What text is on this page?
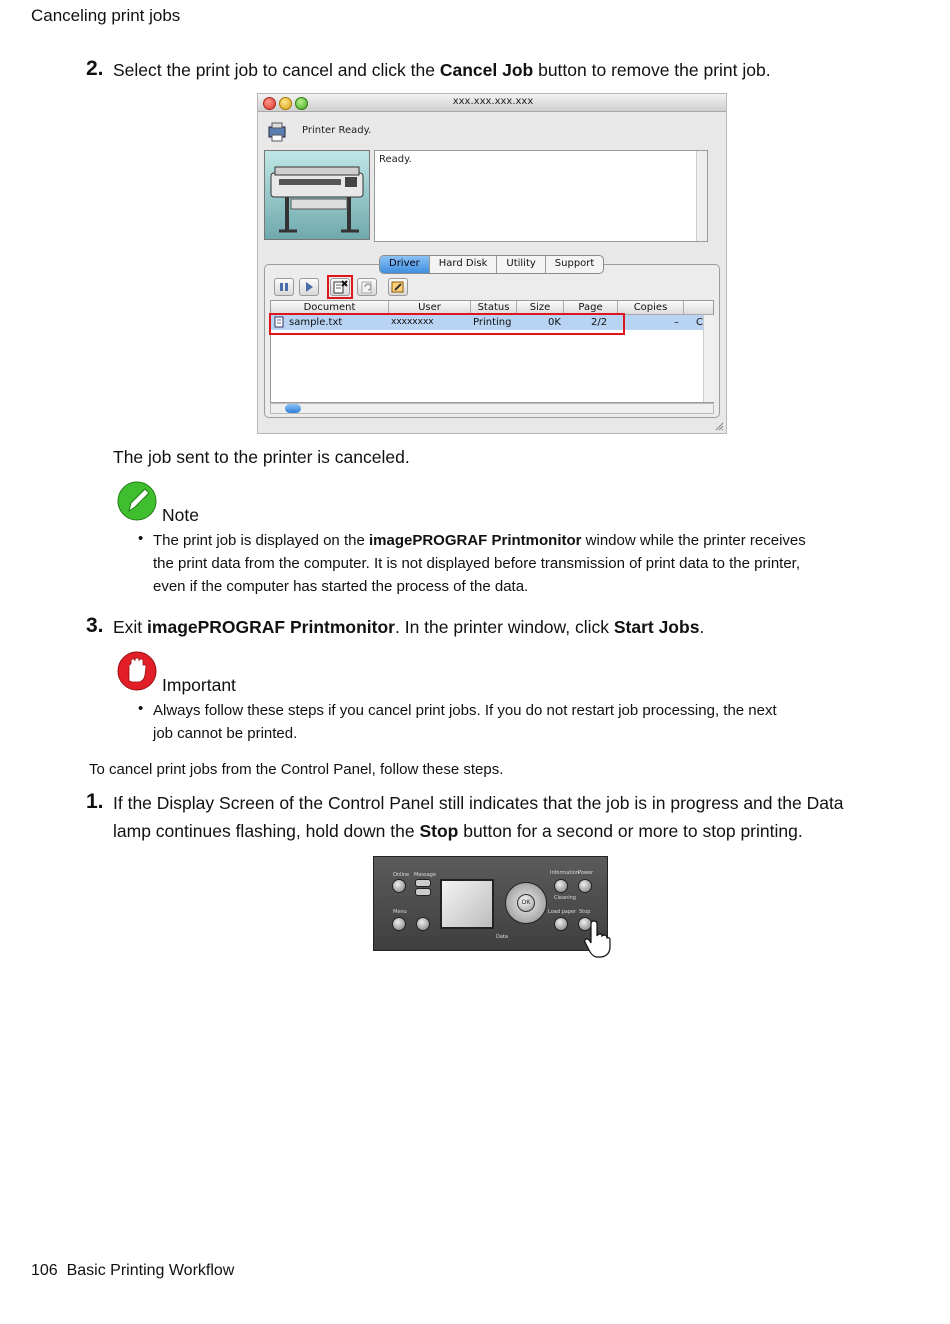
Canceling print jobs
2. Select the print job to cancel and click the Cancel Job button to remove the print job.
xxx.xxx.xxx.xxx
Printer Ready.
Ready.
Driver	Hard Disk	Utility	Support
Document	User	Status	Size	Page	Copies
sample.txt	xxxxxxxx	Printing	0K	2/2	– C
The job sent to the printer is canceled.
Note
• The print job is displayed on the imagePROGRAF Printmonitor window while the printer receives
the print data from the computer. It is not displayed before transmission of print data to the printer,
even if the computer has started the process of the data.
3. Exit imagePROGRAF Printmonitor. In the printer window, click Start Jobs.
Important
• Always follow these steps if you cancel print jobs. If you do not restart job processing, the next
job cannot be printed.
To cancel print jobs from the Control Panel, follow these steps.
1. If the Display Screen of the Control Panel still indicates that the job is in progress and the Data
lamp continues flashing, hold down the Stop button for a second or more to stop printing.
Online Message
Menu
OK
Information Power
Cleaning
Load paper Stop
Data
106 Basic Printing Workflow
